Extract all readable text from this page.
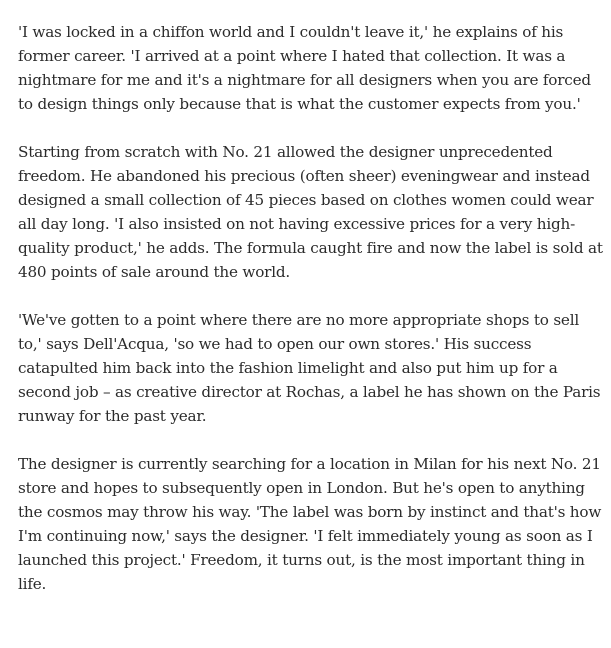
'I was locked in a chiffon world and I couldn't leave it,' he explains of his former career. 'I arrived at a point where I hated that collection. It was a nightmare for me and it's a nightmare for all designers when you are forced to design things only because that is what the customer expects from you.'

Starting from scratch with No. 21 allowed the designer unprecedented freedom. He abandoned his precious (often sheer) eveningwear and instead designed a small collection of 45 pieces based on clothes women could wear all day long. 'I also insisted on not having excessive prices for a very high-quality product,' he adds. The formula caught fire and now the label is sold at 480 points of sale around the world.

'We've gotten to a point where there are no more appropriate shops to sell to,' says Dell'Acqua, 'so we had to open our own stores.' His success catapulted him back into the fashion limelight and also put him up for a second job – as creative director at Rochas, a label he has shown on the Paris runway for the past year.

The designer is currently searching for a location in Milan for his next No. 21 store and hopes to subsequently open in London. But he's open to anything the cosmos may throw his way. 'The label was born by instinct and that's how I'm continuing now,' says the designer. 'I felt immediately young as soon as I launched this project.' Freedom, it turns out, is the most important thing in life.
